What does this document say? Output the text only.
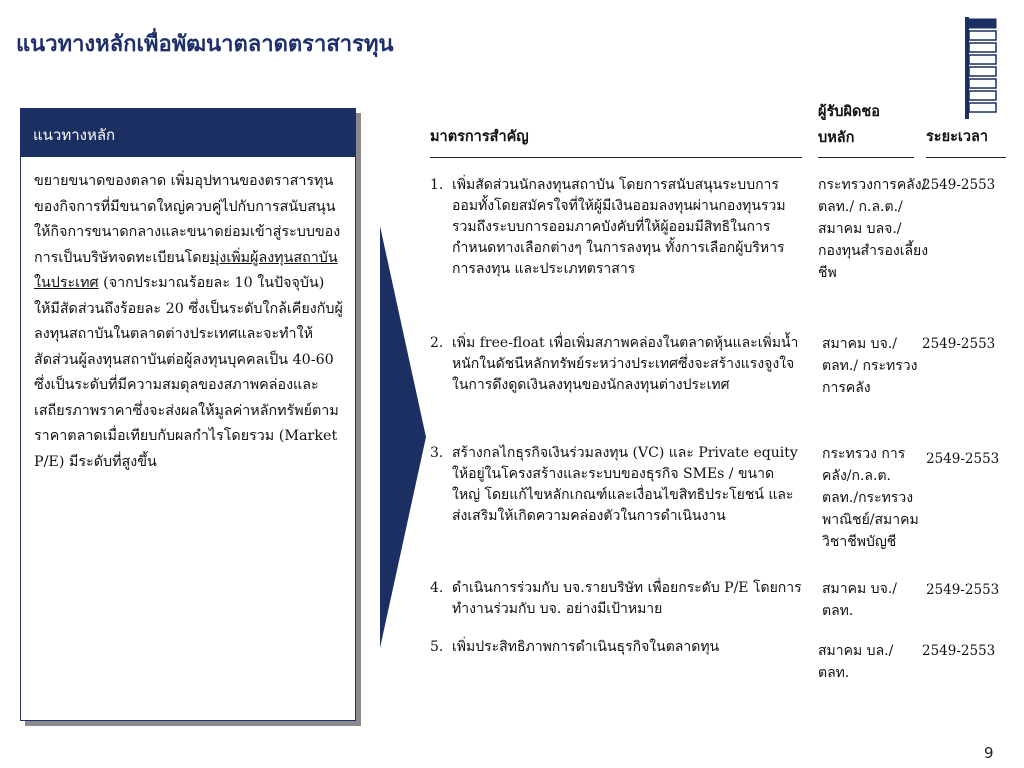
แนวทางหลักเพื่อพัฒนาตลาดตราสารทุน
แนวทางหลัก
ขยายขนาดของตลาด เพิ่มอุปทานของตราสารทุนของกิจการที่มีขนาดใหญ่ควบคู่ไปกับการสนับสนุนให้กิจการขนาดกลางและขนาดย่อมเข้าสู่ระบบของการเป็นบริษัทจดทะเบียนโดยมุ่งเพิ่มผู้ลงทุนสถาบันในประเทศ (จากประมาณร้อยละ 10 ในปัจจุบัน) ให้มีสัดส่วนถึงร้อยละ 20 ซึ่งเป็นระดับใกล้เคียงกับผู้ลงทุนสถาบันในตลาดต่างประเทศและจะทำให้สัดส่วนผู้ลงทุนสถาบันต่อผู้ลงทุนบุคคลเป็น 40-60 ซึ่งเป็นระดับที่มีความสมดุลของสภาพคล่องและเสถียรภาพราคาซึ่งจะส่งผลให้มูลค่าหลักทรัพย์ตามราคาตลาดเมื่อเทียบกับผลกำไรโดยรวม (Market P/E) มีระดับที่สูงขึ้น
มาตรการสำคัญ
ผู้รับผิดชอ
บหลัก	ระยะเวลา
1. เพิ่มสัดส่วนนักลงทุนสถาบัน โดยการสนับสนุนระบบการออมทั้งโดยสมัครใจที่ให้ผู้มีเงินออมลงทุนผ่านกองทุนรวม รวมถึงระบบการออมภาคบังคับที่ให้ผู้ออมมีสิทธิในการกำหนดทางเลือกต่างๆ ในการลงทุน ทั้งการเลือกผู้บริหารการลงทุน และประเภทตราสาร
กระทรวงการคลัง/ตลท./ ก.ล.ต./สมาคม บลจ./กองทุนสำรองเลี้ยงชีพ
2549-2553
2. เพิ่ม free-float เพื่อเพิ่มสภาพคล่องในตลาดหุ้นและเพิ่มน้ำหนักในดัชนีหลักทรัพย์ระหว่างประเทศซึ่งจะสร้างแรงจูงใจในการดึงดูดเงินลงทุนของนักลงทุนต่างประเทศ
สมาคม บจ./ ตลท./ กระทรวง การคลัง
2549-2553
3. สร้างกลไกธุรกิจเงินร่วมลงทุน (VC) และ Private equity ให้อยู่ในโครงสร้างและระบบของธุรกิจ SMEs / ขนาดใหญ่ โดยแก้ไขหลักเกณฑ์และเงื่อนไขสิทธิประโยชน์ และส่งเสริมให้เกิดความคล่องตัวในการดำเนินงาน
กระทรวง การคลัง/ก.ล.ต. ตลท./กระทรวง พาณิชย์/สมาคม วิชาชีพบัญชี
2549-2553
4. ดำเนินการร่วมกับ บจ.รายบริษัท เพื่อยกระดับ P/E โดยการทำงานร่วมกับ บจ. อย่างมีเป้าหมาย
สมาคม บจ./ ตลท.
2549-2553
5. เพิ่มประสิทธิภาพการดำเนินธุรกิจในตลาดทุน	สมาคม บล./ ตลท.
2549-2553
9
